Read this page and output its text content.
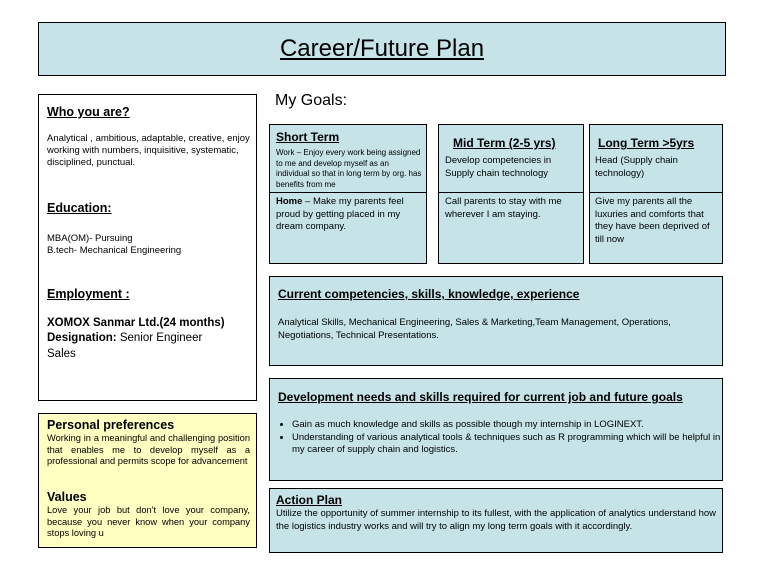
Career/Future Plan
Who you are?
Analytical , ambitious, adaptable, creative, enjoy working with numbers, inquisitive, systematic, disciplined, punctual.
Education:
MBA(OM)- Pursuing
B.tech- Mechanical Engineering
Employment :
XOMOX Sanmar Ltd.(24 months)
Designation: Senior Engineer
Sales
Personal preferences
Working in a meaningful and challenging position that enables me to develop myself as a professional and permits scope for advancement
Values
Love your job but don't love your company, because you never know when your company stops loving u
My Goals:
Short Term
Work – Enjoy every work being assigned to me and develop myself as an individual so that in long term by org. has benefits from me
Home – Make my parents feel proud by getting placed in my dream company.
Mid Term (2-5 yrs)
Develop competencies in Supply chain technology
Call parents to stay with me wherever I am staying.
Long Term >5yrs
Head (Supply chain technology)
Give my parents all the luxuries and comforts that they have been deprived of till now
Current competencies, skills, knowledge, experience
Analytical Skills, Mechanical Engineering, Sales & Marketing,Team Management, Operations, Negotiations, Technical Presentations.
Development needs and skills required for current job and future goals
• Gain as much knowledge and skills as possible though my internship in LOGINEXT.
• Understanding of various analytical tools & techniques such as R programming which will be helpful in my career of supply chain and logistics.
Action Plan
Utilize the opportunity of summer internship to its fullest, with the application of analytics understand how the logistics industry works and will try to align my long term goals with it accordingly.
